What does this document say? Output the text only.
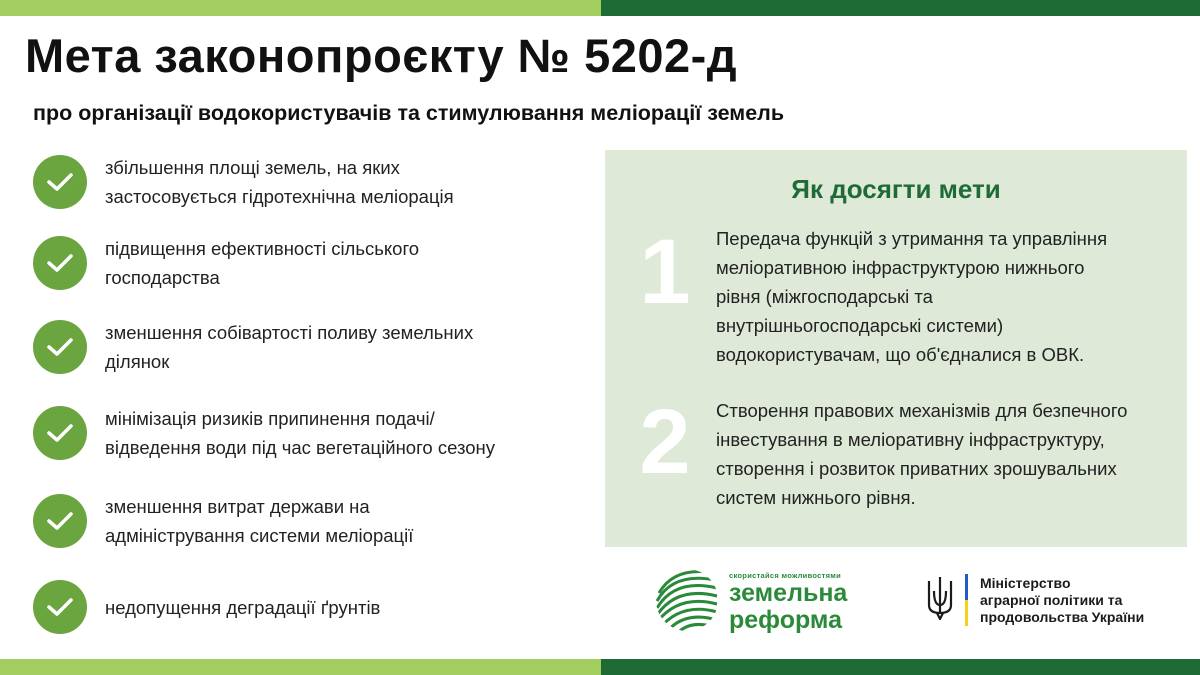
Мета законопроєкту № 5202-д
про організації водокористувачів та стимулювання меліорації земель
збільшення площі земель, на яких
застосовується гідротехнічна меліорація
підвищення ефективності сільського
господарства
зменшення собівартості поливу земельних
ділянок
мінімізація ризиків припинення подачі/
відведення води під час вегетаційного сезону
зменшення витрат держави на
адміністрування системи меліорації
недопущення деградації ґрунтів
Як досягти мети
1 Передача функцій з утримання та управління
меліоративною інфраструктурою нижнього
рівня (міжгосподарські та
внутрішньогосподарські системи)
водокористувачам, що об'єдналися в ОВК.
2 Створення правових механізмів для безпечного
інвестування в меліоративну інфраструктуру,
створення і розвиток приватних зрошувальних
систем нижнього рівня.
скористайся можливостями
земельна
реформа
Міністерство
аграрної політики та
продовольства України
